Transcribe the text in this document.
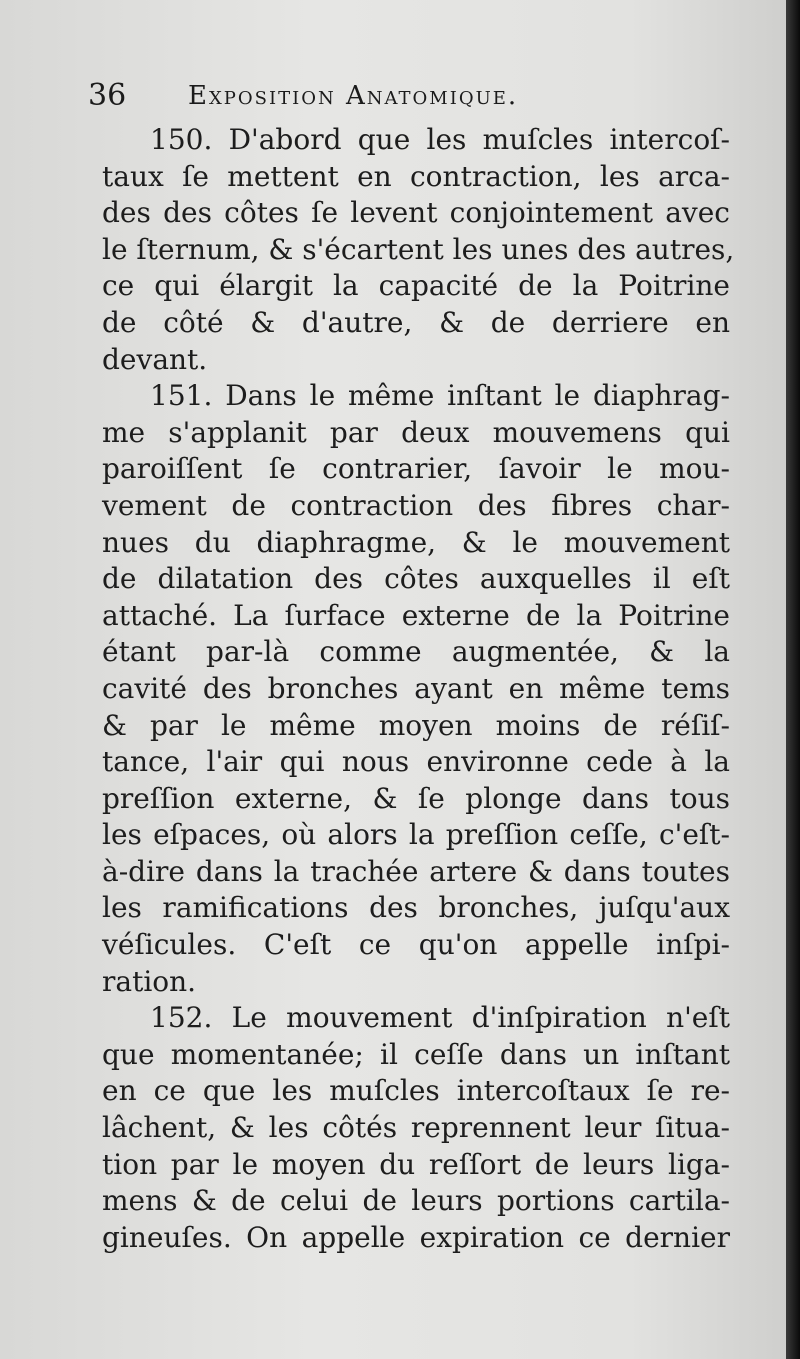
36 Exposition Anatomique.
150. D'abord que les muſcles intercoſ-
taux ſe mettent en contraction, les arca-
des des côtes ſe levent conjointement avec
le ſternum, & s'écartent les unes des autres,
ce qui élargit la capacité de la Poitrine
de côté & d'autre, & de derriere en
devant.
151. Dans le même inſtant le diaphrag-
me s'applanit par deux mouvemens qui
paroiſſent ſe contrarier, ſavoir le mou-
vement de contraction des fibres char-
nues du diaphragme, & le mouvement
de dilatation des côtes auxquelles il eſt
attaché. La ſurface externe de la Poitrine
étant par-là comme augmentée, & la
cavité des bronches ayant en même tems
& par le même moyen moins de réſiſ-
tance, l'air qui nous environne cede à la
preſſion externe, & ſe plonge dans tous
les eſpaces, où alors la preſſion ceſſe, c'eſt-
à-dire dans la trachée artere & dans toutes
les ramifications des bronches, juſqu'aux
véſicules. C'eſt ce qu'on appelle inſpi-
ration.
152. Le mouvement d'inſpiration n'eſt
que momentanée; il ceſſe dans un inſtant
en ce que les muſcles intercoſtaux ſe re-
lâchent, & les côtés reprennent leur ſitua-
tion par le moyen du reſſort de leurs liga-
mens & de celui de leurs portions cartila-
gineuſes. On appelle expiration ce dernier
